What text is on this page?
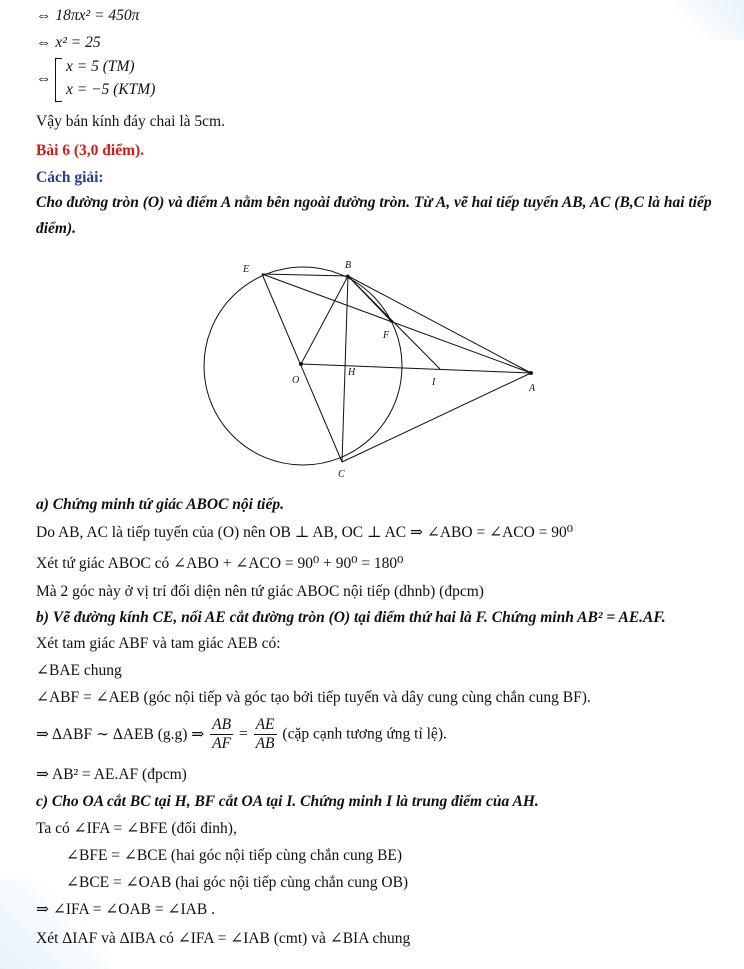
⇔ 18πx² = 450π
⇔ x² = 25
⇔
x = 5 (TM)
x = −5 (KTM)
Vậy bán kính đáy chai là 5cm.
Bài 6 (3,0 điểm).
Cách giải:
Cho đường tròn (O) và điểm A nằm bên ngoài đường tròn. Từ A, vẽ hai tiếp tuyến AB, AC (B,C là hai tiếp
điểm).
E	B
F
O
H
I
A
C
a) Chứng minh tứ giác ABOC nội tiếp.
Do AB, AC là tiếp tuyến của (O) nên OB ⊥ AB, OC ⊥ AC ⇒ ∠ABO = ∠ACO = 90⁰
Xét tứ giác ABOC có ∠ABO + ∠ACO = 90⁰ + 90⁰ = 180⁰
Mà 2 góc này ở vị trí đối diện nên tứ giác ABOC nội tiếp (dhnb) (đpcm)
b) Vẽ đường kính CE, nối AE cắt đường tròn (O) tại điểm thứ hai là F. Chứng minh AB² = AE.AF.
Xét tam giác ABF và tam giác AEB có:
∠BAE chung
∠ABF = ∠AEB (góc nội tiếp và góc tạo bởi tiếp tuyến và dây cung cùng chắn cung BF).
⇒ ΔABF ∼ ΔAEB (g.g) ⇒ $\frac{AB}{AF} = \frac{AE}{AB}$ (cặp cạnh tương ứng tỉ lệ).
⇒ AB² = AE.AF (đpcm)
c) Cho OA cắt BC tại H, BF cắt OA tại I. Chứng minh I là trung điểm của AH.
Ta có ∠IFA = ∠BFE (đối đỉnh),
∠BFE = ∠BCE (hai góc nội tiếp cùng chắn cung BE)
∠BCE = ∠OAB (hai góc nội tiếp cùng chắn cung OB)
⇒ ∠IFA = ∠OAB = ∠IAB .
Xét ΔIAF và ΔIBA có ∠IFA = ∠IAB (cmt) và ∠BIA chung
